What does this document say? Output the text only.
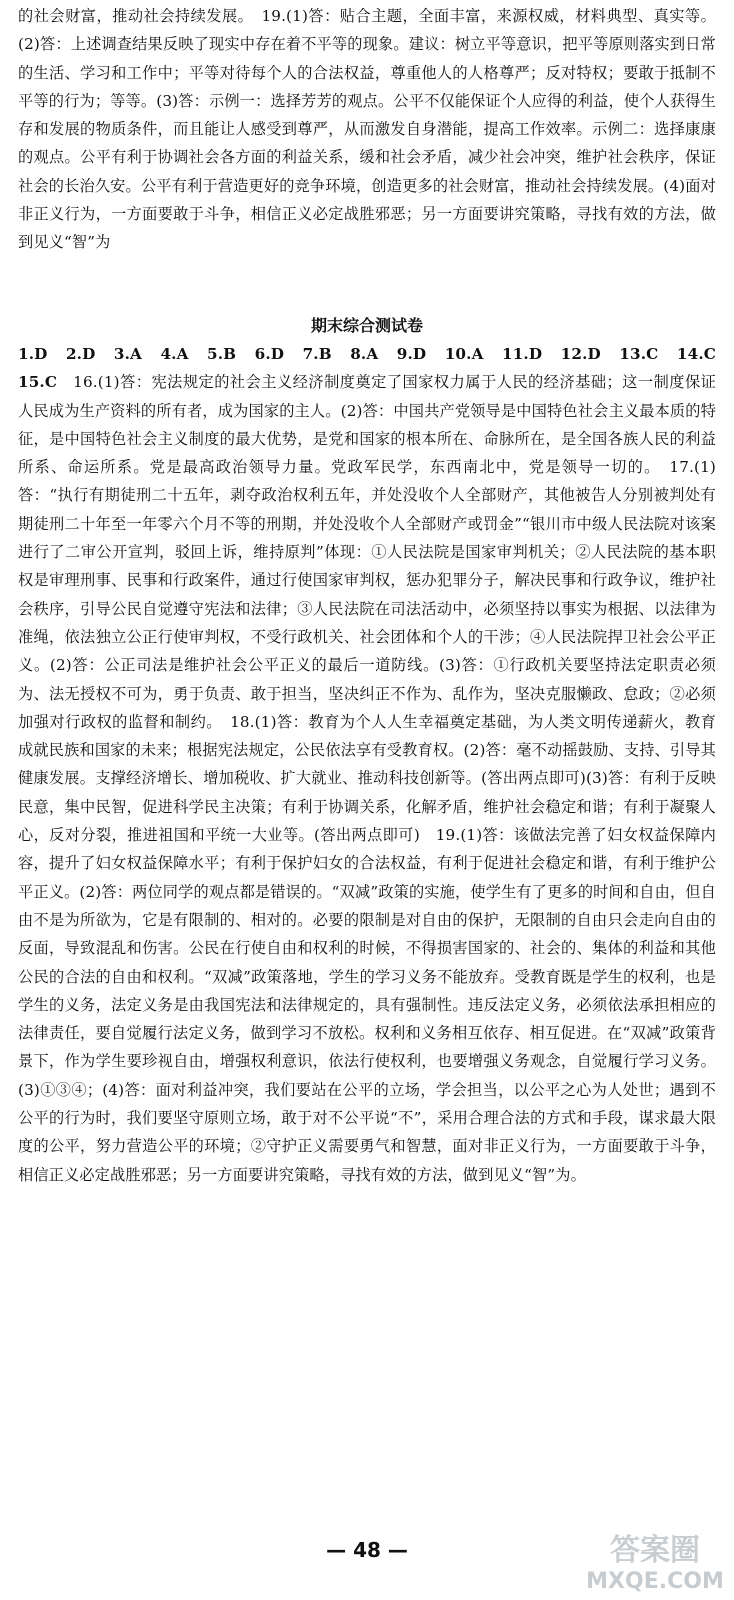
的社会财富，推动社会持续发展。　19.(1)答：贴合主题，全面丰富，来源权威，材料典型、真实等。(2)答：上述调查结果反映了现实中存在着不平等的现象。建议：树立平等意识，把平等原则落实到日常的生活、学习和工作中；平等对待每个人的合法权益，尊重他人的人格尊严；反对特权；要敢于抵制不平等的行为；等等。(3)答：示例一：选择芳芳的观点。公平不仅能保证个人应得的利益，使个人获得生存和发展的物质条件，而且能让人感受到尊严，从而激发自身潜能，提高工作效率。示例二：选择康康的观点。公平有利于协调社会各方面的利益关系，缓和社会矛盾，减少社会冲突，维护社会秩序，保证社会的长治久安。公平有利于营造更好的竞争环境，创造更多的社会财富，推动社会持续发展。(4)面对非正义行为，一方面要敢于斗争，相信正义必定战胜邪恶；另一方面要讲究策略，寻找有效的方法，做到见义“智”为
期末综合测试卷
1.D　2.D　3.A　4.A　5.B　6.D　7.B　8.A　9.D　10.A　11.D　12.D　13.C　14.C　15.C　16.(1)答：宪法规定的社会主义经济制度奠定了国家权力属于人民的经济基础；这一制度保证人民成为生产资料的所有者，成为国家的主人。(2)答：中国共产党领导是中国特色社会主义最本质的特征，是中国特色社会主义制度的最大优势，是党和国家的根本所在、命脉所在，是全国各族人民的利益所系、命运所系。党是最高政治领导力量。党政军民学，东西南北中，党是领导一切的。　17.(1)答：“执行有期徒刑二十五年，剥夺政治权利五年，并处没收个人全部财产，其他被告人分别被判处有期徒刑二十年至一年零六个月不等的刑期，并处没收个人全部财产或罚金”“银川市中级人民法院对该案进行了二审公开宣判，驳回上诉，维持原判”体现：①人民法院是国家审判机关；②人民法院的基本职权是审理刑事、民事和行政案件，通过行使国家审判权，惩办犯罪分子，解决民事和行政争议，维护社会秩序，引导公民自觉遵守宪法和法律；③人民法院在司法活动中，必须坚持以事实为根据、以法律为准绳，依法独立公正行使审判权，不受行政机关、社会团体和个人的干涉；④人民法院捍卫社会公平正义。(2)答：公正司法是维护社会公平正义的最后一道防线。(3)答：①行政机关要坚持法定职责必须为、法无授权不可为，勇于负责、敢于担当，坚决纠正不作为、乱作为，坚决克服懒政、怠政；②必须加强对行政权的监督和制约。　18.(1)答：教育为个人人生幸福奠定基础，为人类文明传递薪火，教育成就民族和国家的未来；根据宪法规定，公民依法享有受教育权。(2)答：毫不动摇鼓励、支持、引导其健康发展。支撑经济增长、增加税收、扩大就业、推动科技创新等。(答出两点即可)(3)答：有利于反映民意，集中民智，促进科学民主决策；有利于协调关系，化解矛盾，维护社会稳定和谐；有利于凝聚人心，反对分裂，推进祖国和平统一大业等。(答出两点即可)　19.(1)答：该做法完善了妇女权益保障内容，提升了妇女权益保障水平；有利于保护妇女的合法权益，有利于促进社会稳定和谐，有利于维护公平正义。(2)答：两位同学的观点都是错误的。“双减”政策的实施，使学生有了更多的时间和自由，但自由不是为所欲为，它是有限制的、相对的。必要的限制是对自由的保护，无限制的自由只会走向自由的反面，导致混乱和伤害。公民在行使自由和权利的时候，不得损害国家的、社会的、集体的利益和其他公民的合法的自由和权利。“双减”政策落地，学生的学习义务不能放弃。受教育既是学生的权利，也是学生的义务，法定义务是由我国宪法和法律规定的，具有强制性。违反法定义务，必须依法承担相应的法律责任，要自觉履行法定义务，做到学习不放松。权利和义务相互依存、相互促进。在“双减”政策背景下，作为学生要珍视自由，增强权利意识，依法行使权利，也要增强义务观念，自觉履行学习义务。(3)①③④；(4)答：面对利益冲突，我们要站在公平的立场，学会担当，以公平之心为人处世；遇到不公平的行为时，我们要坚守原则立场，敢于对不公平说“不”，采用合理合法的方式和手段，谋求最大限度的公平，努力营造公平的环境；②守护正义需要勇气和智慧，面对非正义行为，一方面要敢于斗争，相信正义必定战胜邪恶；另一方面要讲究策略，寻找有效的方法，做到见义“智”为。
— 48 —	答案圈
MXQE.COM
